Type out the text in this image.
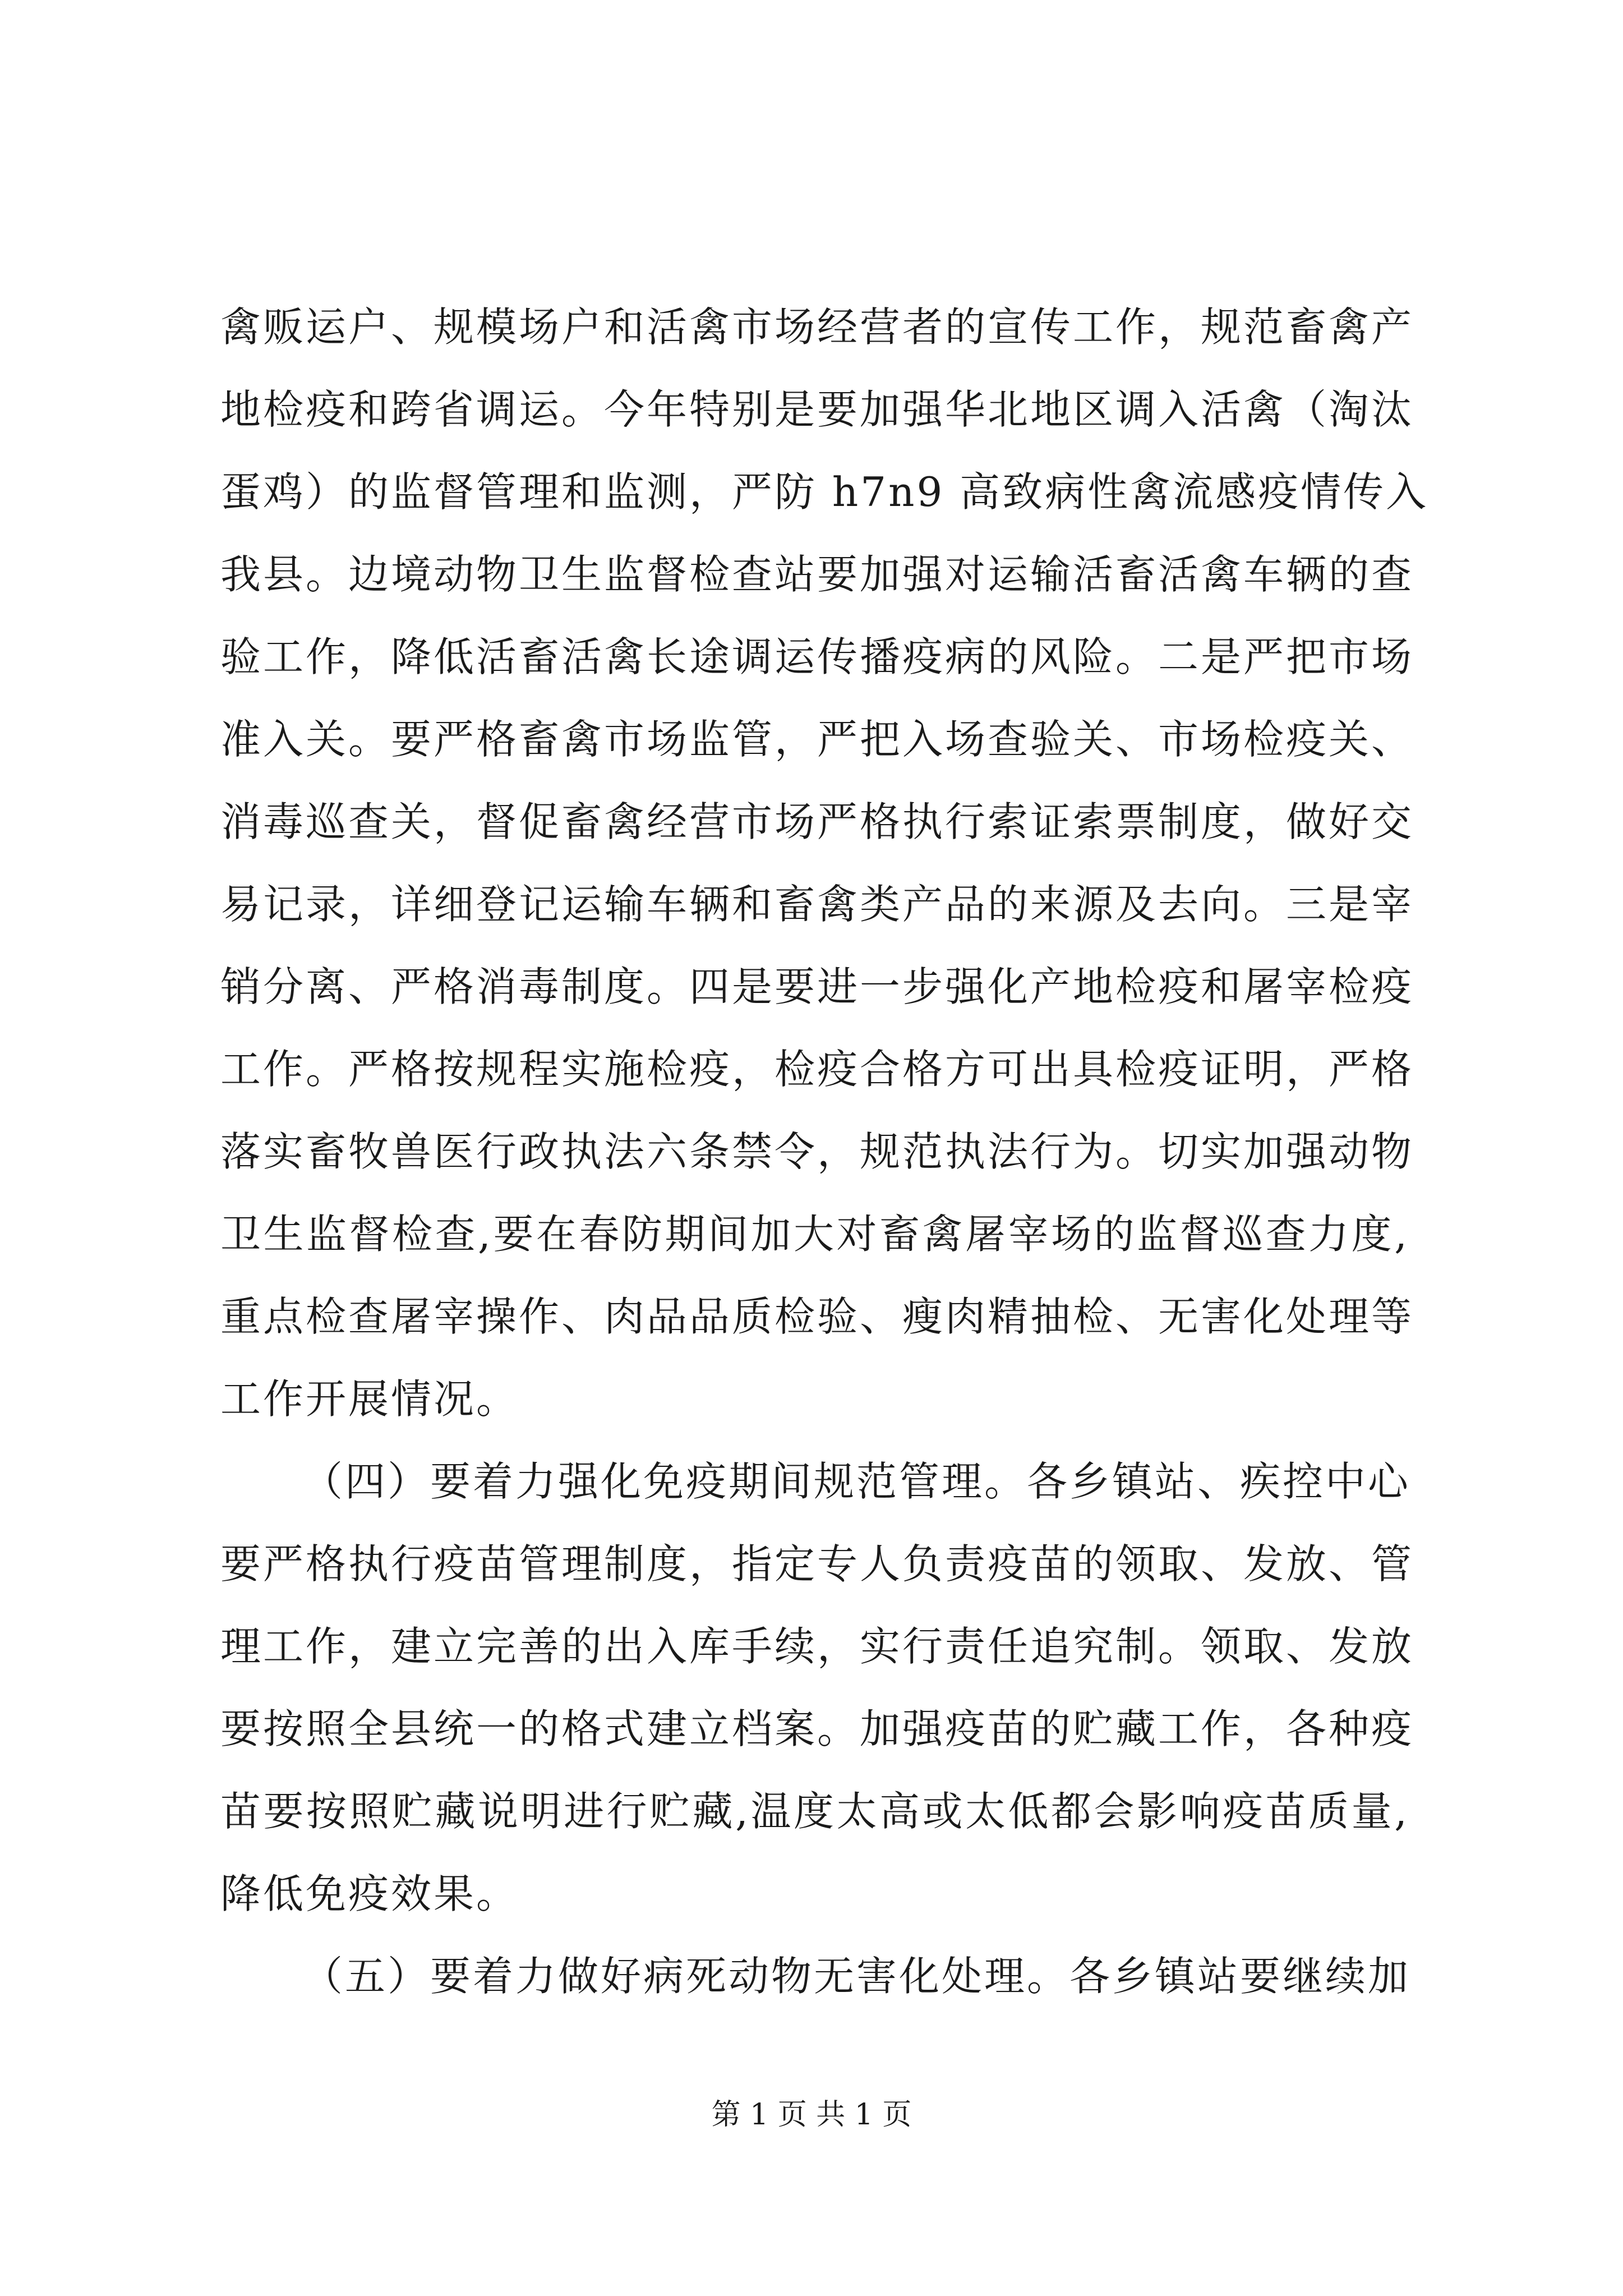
禽贩运户、规模场户和活禽市场经营者的宣传工作，规范畜禽产
地检疫和跨省调运。今年特别是要加强华北地区调入活禽（淘汰
蛋鸡）的监督管理和监测，严防 h7n9 高致病性禽流感疫情传入
我县。边境动物卫生监督检查站要加强对运输活畜活禽车辆的查
验工作，降低活畜活禽长途调运传播疫病的风险。二是严把市场
准入关。要严格畜禽市场监管，严把入场查验关、市场检疫关、
消毒巡查关，督促畜禽经营市场严格执行索证索票制度，做好交
易记录，详细登记运输车辆和畜禽类产品的来源及去向。三是宰
销分离、严格消毒制度。四是要进一步强化产地检疫和屠宰检疫
工作。严格按规程实施检疫，检疫合格方可出具检疫证明，严格
落实畜牧兽医行政执法六条禁令，规范执法行为。切实加强动物
卫生监督检查,要在春防期间加大对畜禽屠宰场的监督巡查力度,
重点检查屠宰操作、肉品品质检验、瘦肉精抽检、无害化处理等
工作开展情况。
（四）要着力强化免疫期间规范管理。各乡镇站、疾控中心
要严格执行疫苗管理制度，指定专人负责疫苗的领取、发放、管
理工作，建立完善的出入库手续，实行责任追究制。领取、发放
要按照全县统一的格式建立档案。加强疫苗的贮藏工作，各种疫
苗要按照贮藏说明进行贮藏,温度太高或太低都会影响疫苗质量,
降低免疫效果。
（五）要着力做好病死动物无害化处理。各乡镇站要继续加
第 1 页 共 1 页
